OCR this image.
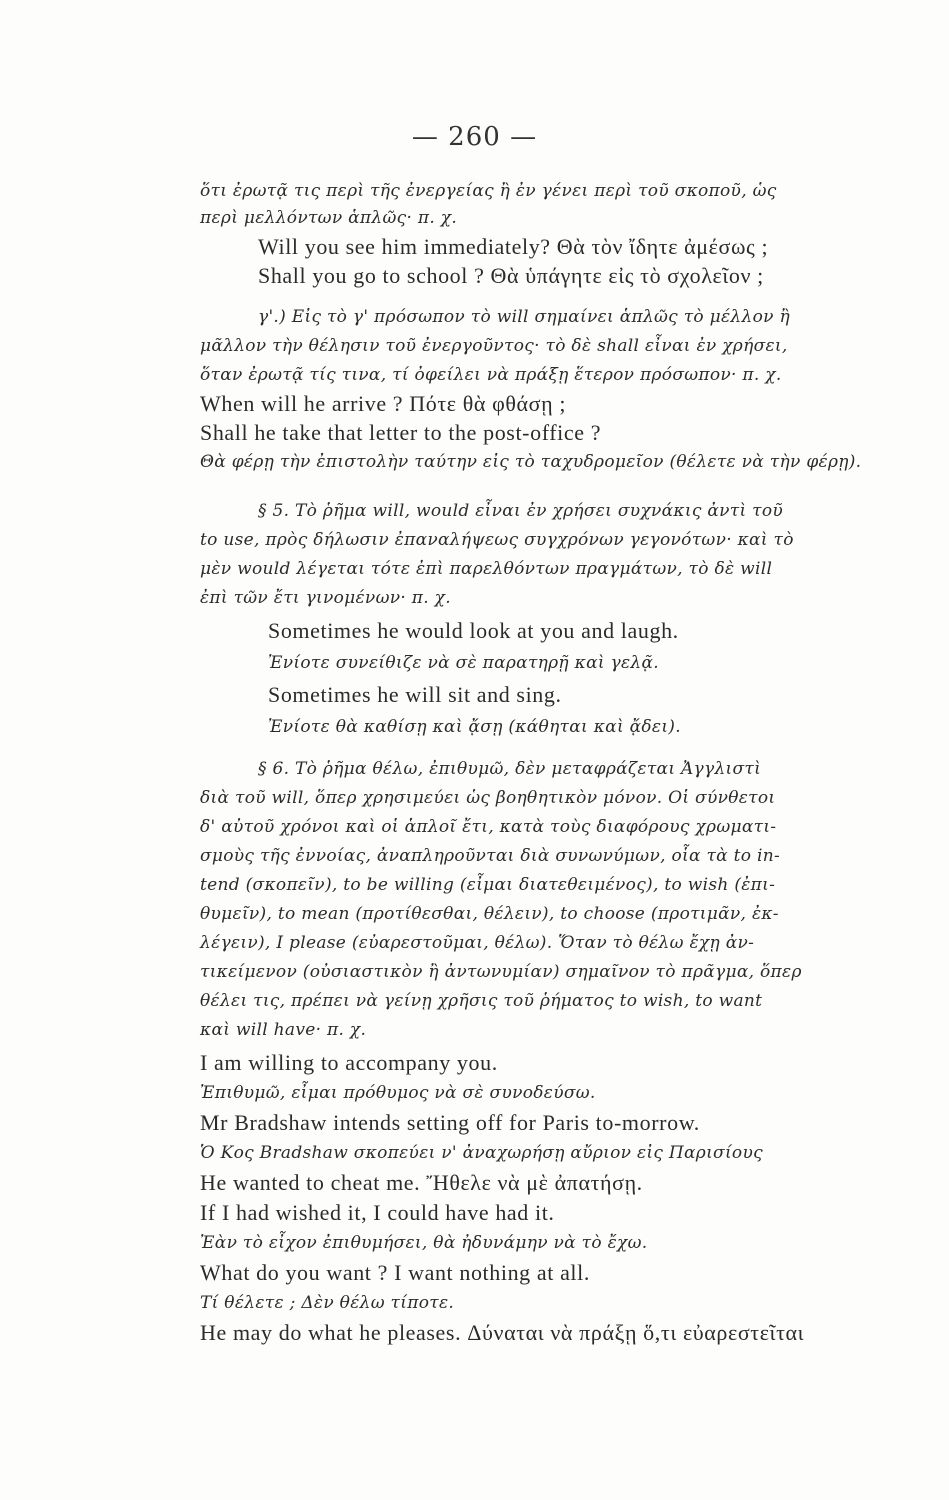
— 260 —
ὅτι ἐρωτᾷ τις περὶ τῆς ἐνεργείας ἢ ἐν γένει περὶ τοῦ σκοποῦ, ὡς
περὶ μελλόντων ἁπλῶς· π. χ.
Will you see him immediately? Θὰ τὸν ἴδητε ἀμέσως ;
Shall you go to school ? Θὰ ὑπάγητε εἰς τὸ σχολεῖον ;
γ'.) Εἰς τὸ γ' πρόσωπον τὸ will σημαίνει ἁπλῶς τὸ μέλλον ἢ
μᾶλλον τὴν θέλησιν τοῦ ἐνεργοῦντος· τὸ δὲ shall εἶναι ἐν χρήσει,
ὅταν ἐρωτᾷ τίς τινα, τί ὀφείλει νὰ πράξῃ ἕτερον πρόσωπον· π. χ.
When will he arrive ? Πότε θὰ φθάσῃ ;
Shall he take that letter to the post-office ?
Θὰ φέρῃ τὴν ἐπιστολὴν ταύτην εἰς τὸ ταχυδρομεῖον (θέλετε νὰ τὴν φέρῃ).
§ 5. Τὸ ῥῆμα will, would εἶναι ἐν χρήσει συχνάκις ἀντὶ τοῦ
to use, πρὸς δήλωσιν ἐπαναλήψεως συγχρόνων γεγονότων· καὶ τὸ
μὲν would λέγεται τότε ἐπὶ παρελθόντων πραγμάτων, τὸ δὲ will
ἐπὶ τῶν ἔτι γινομένων· π. χ.
Sometimes he would look at you and laugh.
Ἐνίοτε συνείθιζε νὰ σὲ παρατηρῇ καὶ γελᾷ.
Sometimes he will sit and sing.
Ἐνίοτε θὰ καθίσῃ καὶ ᾄσῃ (κάθηται καὶ ᾄδει).
§ 6. Τὸ ῥῆμα θέλω, ἐπιθυμῶ, δὲν μεταφράζεται Ἀγγλιστὶ
διὰ τοῦ will, ὅπερ χρησιμεύει ὡς βοηθητικὸν μόνον. Οἱ σύνθετοι
δ' αὐτοῦ χρόνοι καὶ οἱ ἁπλοῖ ἔτι, κατὰ τοὺς διαφόρους χρωματι-
σμοὺς τῆς ἐννοίας, ἀναπληροῦνται διὰ συνωνύμων, οἷα τὰ to in-
tend (σκοπεῖν), to be willing (εἶμαι διατεθειμένος), to wish (ἐπι-
θυμεῖν), to mean (προτίθεσθαι, θέλειν), to choose (προτιμᾶν, ἐκ-
λέγειν), I please (εὐαρεστοῦμαι, θέλω). Ὅταν τὸ θέλω ἔχῃ ἀν-
τικείμενον (οὐσιαστικὸν ἢ ἀντωνυμίαν) σημαῖνον τὸ πρᾶγμα, ὅπερ
θέλει τις, πρέπει νὰ γείνῃ χρῆσις τοῦ ῥήματος to wish, to want
καὶ will have· π. χ.
I am willing to accompany you.
Ἐπιθυμῶ, εἶμαι πρόθυμος νὰ σὲ συνοδεύσω.
Mr Bradshaw intends setting off for Paris to-morrow.
Ὁ Κος Bradshaw σκοπεύει ν' ἀναχωρήσῃ αὔριον εἰς Παρισίους
He wanted to cheat me. Ἤθελε νὰ μὲ ἀπατήσῃ.
If I had wished it, I could have had it.
Ἐὰν τὸ εἶχον ἐπιθυμήσει, θὰ ἠδυνάμην νὰ τὸ ἔχω.
What do you want ? I want nothing at all.
Τί θέλετε ; Δὲν θέλω τίποτε.
He may do what he pleases. Δύναται νὰ πράξῃ ὅ,τι εὐαρεστεῖται
